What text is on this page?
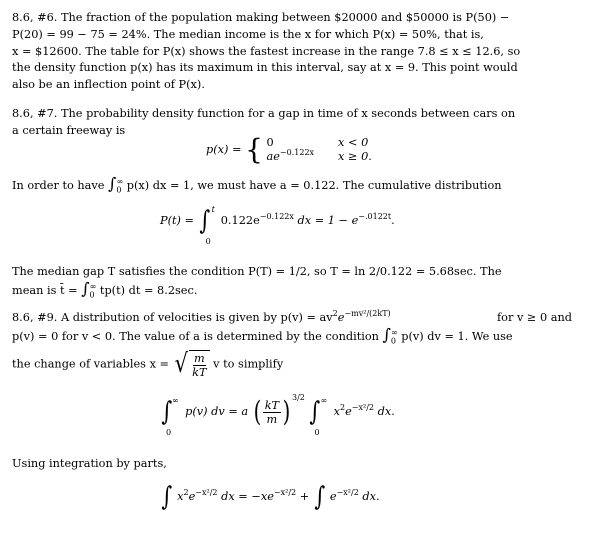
8.6, #6. The fraction of the population making between $20000 and $50000 is P(50) −
P(20) = 99 − 75 = 24%. The median income is the x for which P(x) = 50%, that is,
x = $12600. The table for P(x) shows the fastest increase in the range 7.8 ≤ x ≤ 12.6, so
the density function p(x) has its maximum in this interval, say at x = 9. This point would
also be an inflection point of P(x).
8.6, #7. The probability density function for a gap in time of x seconds between cars on
a certain freeway is
p(x) = { 0	x < 0
$ae^{-0.122x}$ x ≥ 0.
In order to have $\int_0^\infty$ p(x) dx = 1, we must have a = 0.122. The cumulative distribution
P(t) = ∫ t
0
$0.122e^{-0.122x}$ dx = $1 - e^{-.0122t}$.
The median gap T satisfies the condition P(T) = 1/2, so T = ln 2/0.122 = 5.68sec. The
mean is t̄ = $\int_0^\infty$ tp(t) dt = 8.2sec.
8.6, #9. A distribution of velocities is given by $p(v) = av^2e^{-mv^2/(2kT)}$	for v ≥ 0 and
p(v) = 0 for v < 0. The value of a is determined by the condition $\int_0^\infty$ p(v) dv = 1. We use
the change of variables x = √ $\frac{m}{kT}$ v to simplify
∫ ∞
0
p(v) dv = a ( $\frac{kT}{m}$ ) $^{3/2}$ ∫ ∞
0
$x^2e^{-x^2/2}$ dx.
Using integration by parts,
∫ $x^2e^{-x^2/2}$ dx = $-xe^{-x^2/2}$ + ∫ $e^{-x^2/2}$ dx.
